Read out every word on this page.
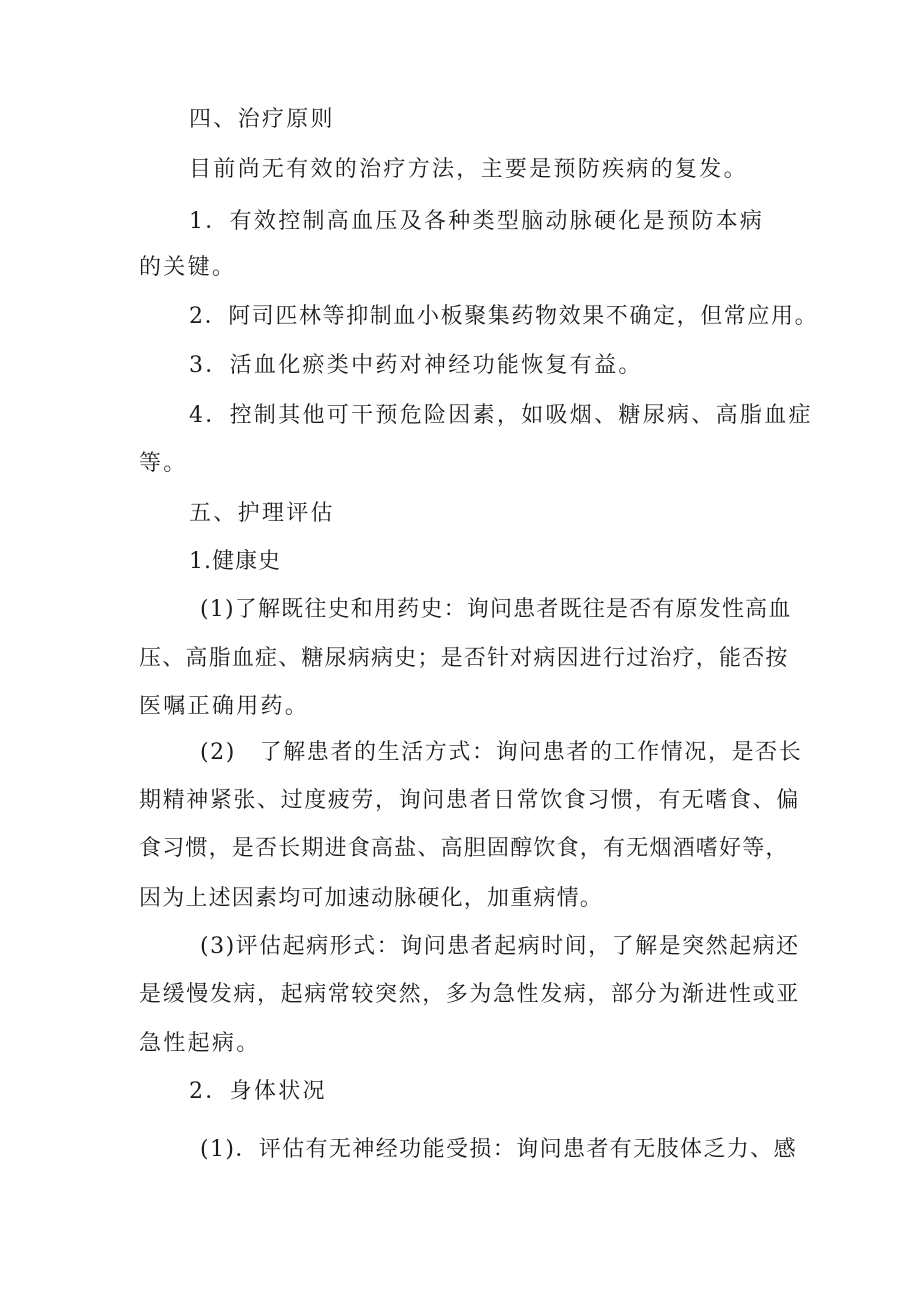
四、治疗原则
目前尚无有效的治疗方法，主要是预防疾病的复发。
1．有效控制高血压及各种类型脑动脉硬化是预防本病
的关键。
2．阿司匹林等抑制血小板聚集药物效果不确定，但常应用。
3．活血化瘀类中药对神经功能恢复有益。
4．控制其他可干预危险因素，如吸烟、糖尿病、高脂血症
等。
五、护理评估
1.健康史
(1)了解既往史和用药史：询问患者既往是否有原发性高血
压、高脂血症、糖尿病病史；是否针对病因进行过治疗，能否按
医嘱正确用药。
(2)　了解患者的生活方式：询问患者的工作情况，是否长
期精神紧张、过度疲劳，询问患者日常饮食习惯，有无嗜食、偏
食习惯，是否长期进食高盐、高胆固醇饮食，有无烟酒嗜好等，
因为上述因素均可加速动脉硬化，加重病情。
(3)评估起病形式：询问患者起病时间，了解是突然起病还
是缓慢发病，起病常较突然，多为急性发病，部分为渐进性或亚
急性起病。
2．身体状况
(1)．评估有无神经功能受损：询问患者有无肢体乏力、感
